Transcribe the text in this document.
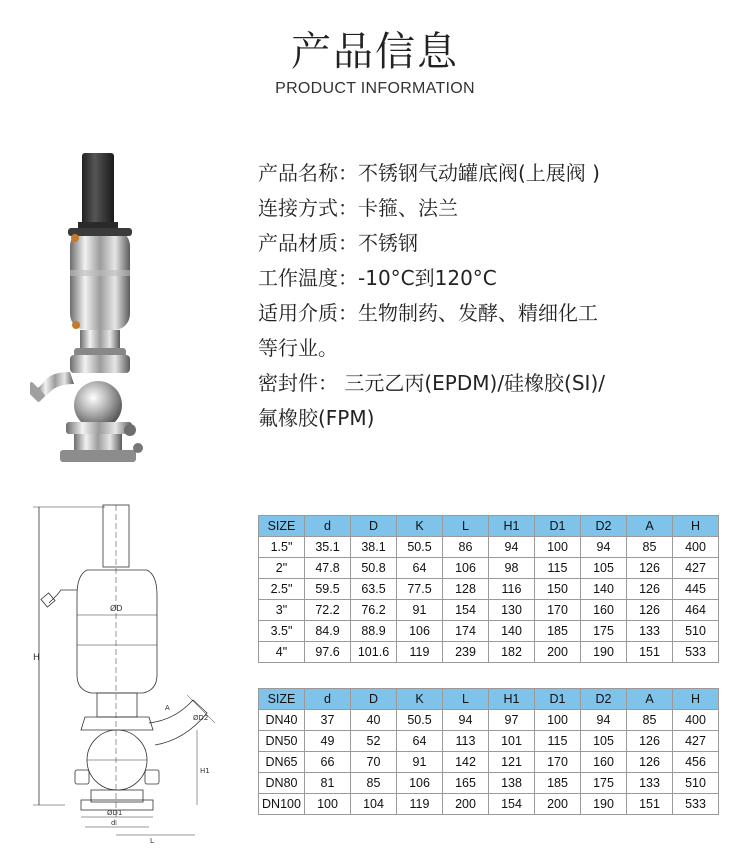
产品信息
PRODUCT INFORMATION
产品名称：不锈钢气动罐底阀(上展阀 )
连接方式：卡箍、法兰
产品材质：不锈钢
工作温度：-10°C到120°C
适用介质：生物制药、发酵、精细化工
等行业。
密封件： 三元乙丙(EPDM)/硅橡胶(SI)/
氟橡胶(FPM)
H
ØD
ØD2
ØD1
d
L
H1
A
SIZE	d	D	K	L	H1	D1	D2	A	H
1.5"	35.1	38.1	50.5	86	94	100	94	85	400
2"	47.8	50.8	64	106	98	115	105	126	427
2.5"	59.5	63.5	77.5	128	116	150	140	126	445
3"	72.2	76.2	91	154	130	170	160	126	464
3.5"	84.9	88.9	106	174	140	185	175	133	510
4"	97.6	101.6	119	239	182	200	190	151	533
SIZE	d	D	K	L	H1	D1	D2	A	H
DN40	37	40	50.5	94	97	100	94	85	400
DN50	49	52	64	113	101	115	105	126	427
DN65	66	70	91	142	121	170	160	126	456
DN80	81	85	106	165	138	185	175	133	510
DN100	100	104	119	200	154	200	190	151	533
